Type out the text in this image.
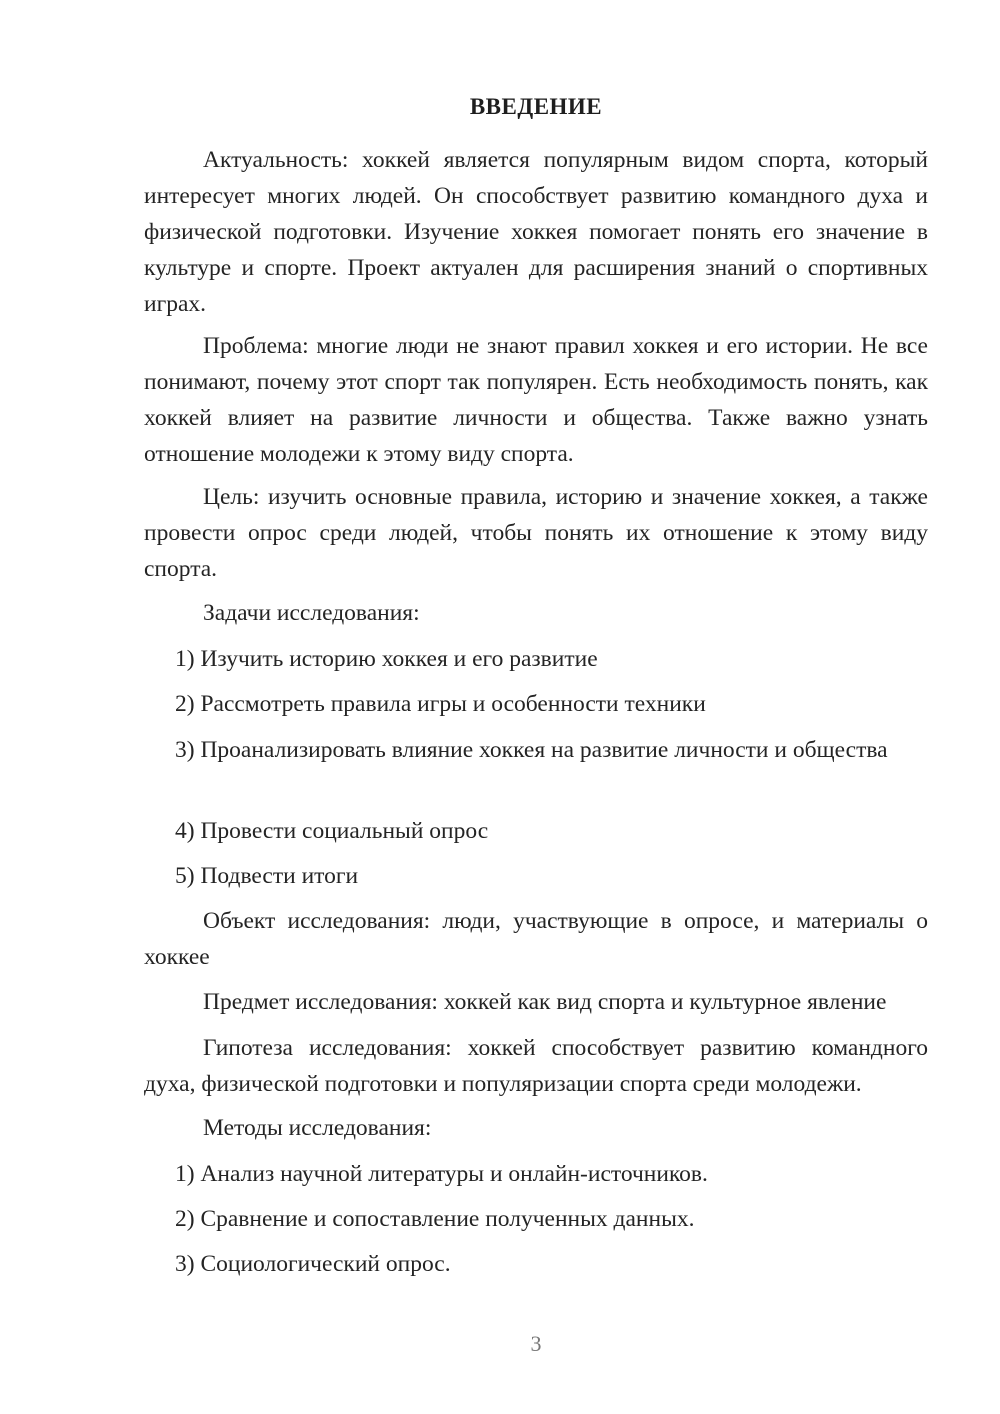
ВВЕДЕНИЕ
Актуальность: хоккей является популярным видом спорта, который интересует многих людей. Он способствует развитию командного духа и физической подготовки. Изучение хоккея помогает понять его значение в культуре и спорте. Проект актуален для расширения знаний о спортивных играх.
Проблема: многие люди не знают правил хоккея и его истории. Не все понимают, почему этот спорт так популярен. Есть необходимость понять, как хоккей влияет на развитие личности и общества. Также важно узнать отношение молодежи к этому виду спорта.
Цель: изучить основные правила, историю и значение хоккея, а также провести опрос среди людей, чтобы понять их отношение к этому виду спорта.
Задачи исследования:
1) Изучить историю хоккея и его развитие
2) Рассмотреть правила игры и особенности техники
3) Проанализировать влияние хоккея на развитие личности и общества
4) Провести социальный опрос
5) Подвести итоги
Объект исследования: люди, участвующие в опросе, и материалы о хоккее
Предмет исследования: хоккей как вид спорта и культурное явление
Гипотеза исследования: хоккей способствует развитию командного духа, физической подготовки и популяризации спорта среди молодежи.
Методы исследования:
1) Анализ научной литературы и онлайн-источников.
2) Сравнение и сопоставление полученных данных.
3) Социологический опрос.
3
